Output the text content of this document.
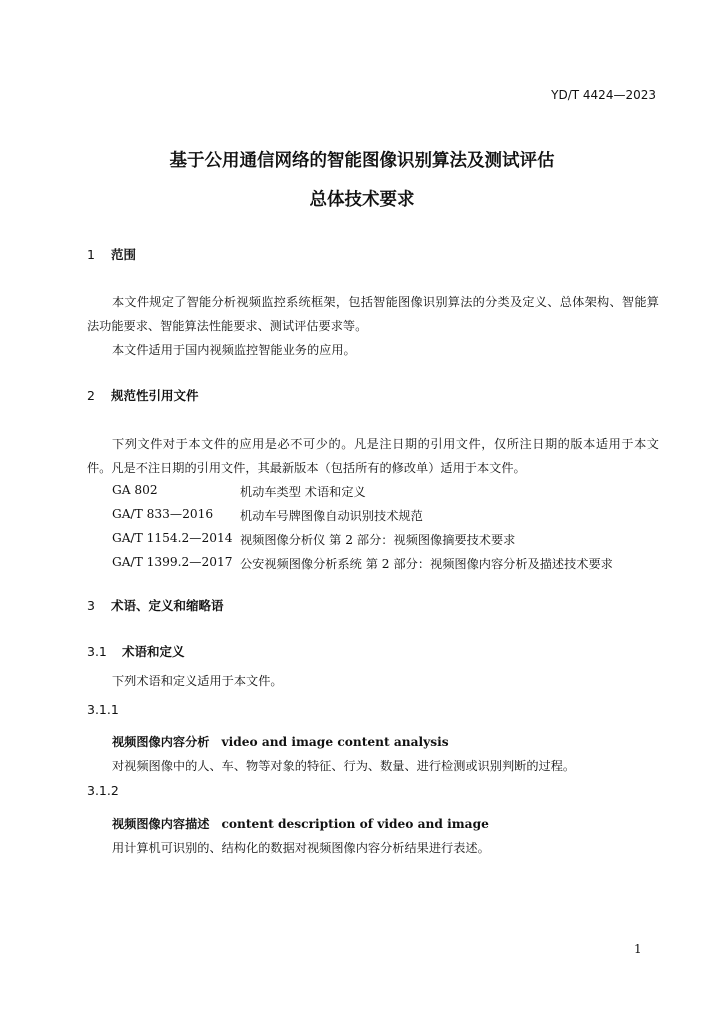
YD/T 4424—2023
基于公用通信网络的智能图像识别算法及测试评估
总体技术要求
1 范围
本文件规定了智能分析视频监控系统框架，包括智能图像识别算法的分类及定义、总体架构、智能算法功能要求、智能算法性能要求、测试评估要求等。
本文件适用于国内视频监控智能业务的应用。
2 规范性引用文件
下列文件对于本文件的应用是必不可少的。凡是注日期的引用文件，仅所注日期的版本适用于本文件。凡是不注日期的引用文件，其最新版本（包括所有的修改单）适用于本文件。
GA 802	机动车类型 术语和定义
GA/T 833—2016 机动车号牌图像自动识别技术规范
GA/T 1154.2—2014 视频图像分析仪 第 2 部分：视频图像摘要技术要求
GA/T 1399.2—2017 公安视频图像分析系统 第 2 部分：视频图像内容分析及描述技术要求
3 术语、定义和缩略语
3.1 术语和定义
下列术语和定义适用于本文件。
3.1.1
视频图像内容分析 video and image content analysis
对视频图像中的人、车、物等对象的特征、行为、数量、进行检测或识别判断的过程。
3.1.2
视频图像内容描述 content description of video and image
用计算机可识别的、结构化的数据对视频图像内容分析结果进行表述。
1
